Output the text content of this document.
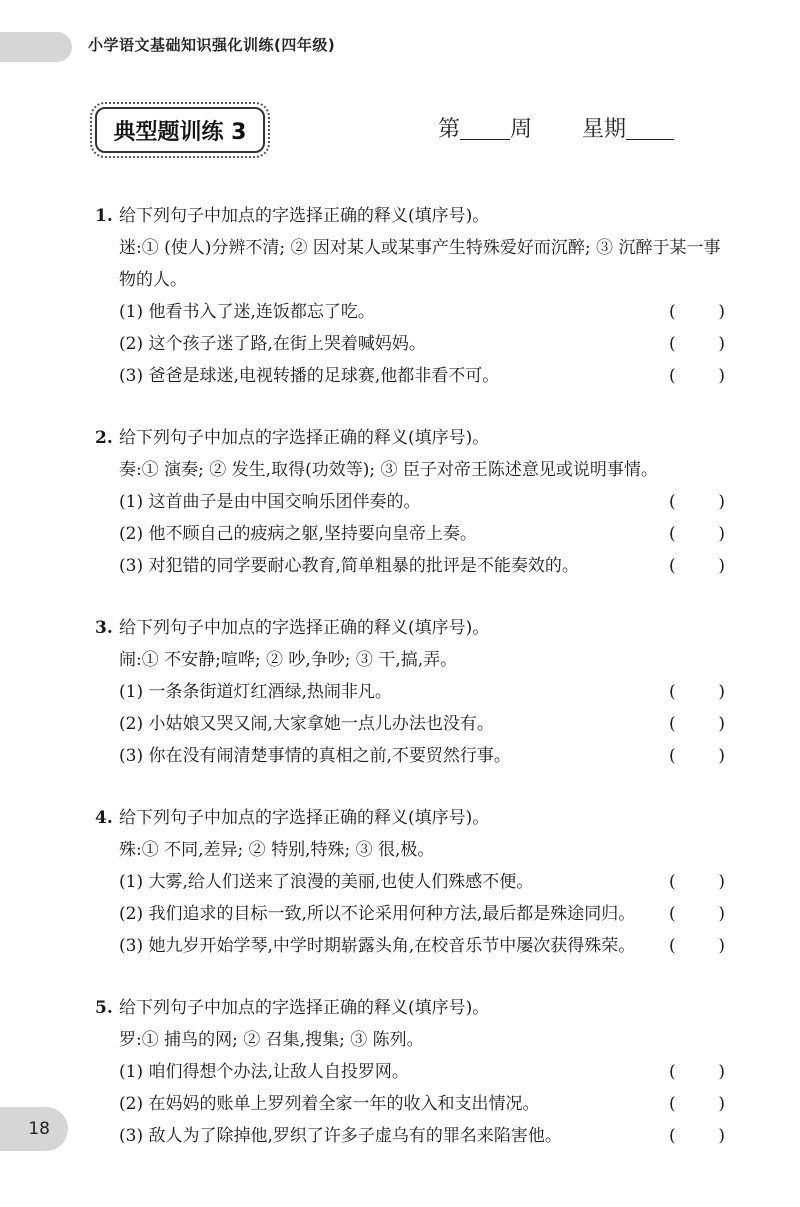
小学语文基础知识强化训练(四年级)
典型题训练 3	第 周 星期
1. 给下列句子中加点的字选择正确的释义(填序号)。
迷:① (使人)分辨不清; ② 因对某人或某事产生特殊爱好而沉醉; ③ 沉醉于某一事物的人。
(1) 他看书入了迷,连饭都忘了吃。	( )
(2) 这个孩子迷了路,在街上哭着喊妈妈。	( )
(3) 爸爸是球迷,电视转播的足球赛,他都非看不可。	( )
2. 给下列句子中加点的字选择正确的释义(填序号)。
奏:① 演奏; ② 发生,取得(功效等); ③ 臣子对帝王陈述意见或说明事情。
(1) 这首曲子是由中国交响乐团伴奏的。	( )
(2) 他不顾自己的疲病之躯,坚持要向皇帝上奏。	( )
(3) 对犯错的同学要耐心教育,简单粗暴的批评是不能奏效的。	( )
3. 给下列句子中加点的字选择正确的释义(填序号)。
闹:① 不安静;喧哗; ② 吵,争吵; ③ 干,搞,弄。
(1) 一条条街道灯红酒绿,热闹非凡。	( )
(2) 小姑娘又哭又闹,大家拿她一点儿办法也没有。	( )
(3) 你在没有闹清楚事情的真相之前,不要贸然行事。	( )
4. 给下列句子中加点的字选择正确的释义(填序号)。
殊:① 不同,差异; ② 特别,特殊; ③ 很,极。
(1) 大雾,给人们送来了浪漫的美丽,也使人们殊感不便。	( )
(2) 我们追求的目标一致,所以不论采用何种方法,最后都是殊途同归。 ( )
(3) 她九岁开始学琴,中学时期崭露头角,在校音乐节中屡次获得殊荣。 ( )
5. 给下列句子中加点的字选择正确的释义(填序号)。
罗:① 捕鸟的网; ② 召集,搜集; ③ 陈列。
(1) 咱们得想个办法,让敌人自投罗网。	( )
(2) 在妈妈的账单上罗列着全家一年的收入和支出情况。	( )
(3) 敌人为了除掉他,罗织了许多子虚乌有的罪名来陷害他。	( )
18
